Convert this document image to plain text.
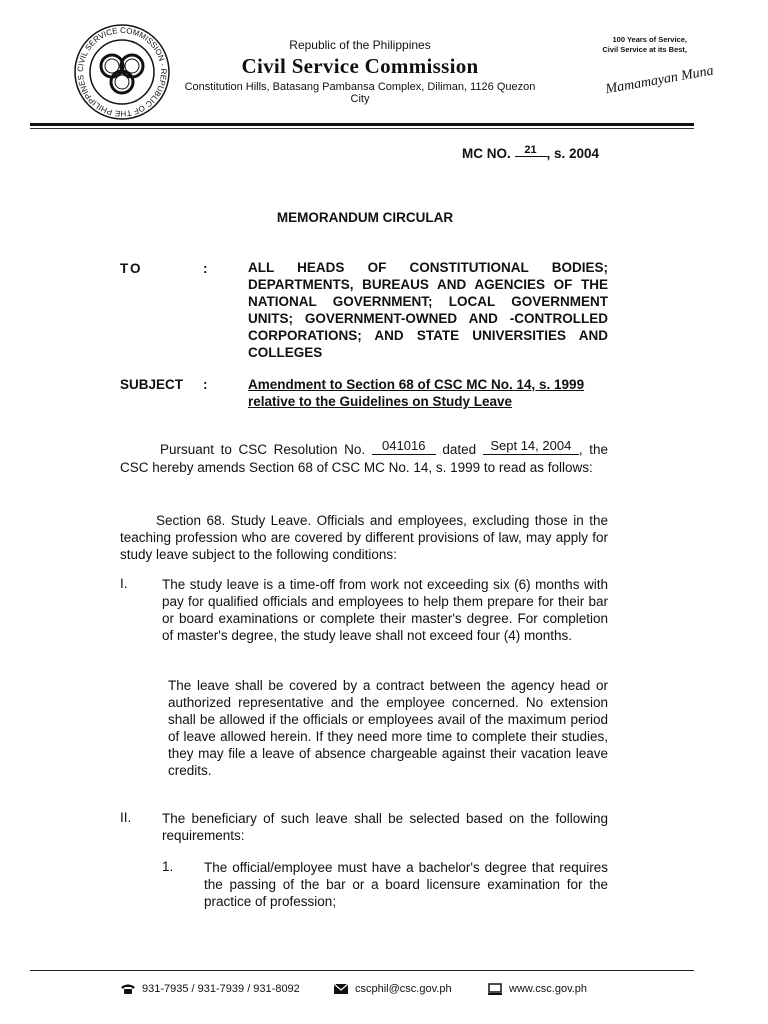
CIVIL SERVICE COMMISSION · REPUBLIC OF THE PHILIPPINES
Republic of the Philippines
Civil Service Commission
Constitution Hills, Batasang Pambansa Complex, Diliman, 1126 Quezon City
100 Years of Service,
Civil Service at its Best,
Mamamayan Muna
MC NO. 21 , s. 2004
MEMORANDUM CIRCULAR
TO	:	ALL HEADS OF CONSTITUTIONAL BODIES; DEPARTMENTS, BUREAUS AND AGENCIES OF THE NATIONAL GOVERNMENT; LOCAL GOVERNMENT UNITS; GOVERNMENT-OWNED AND -CONTROLLED CORPORATIONS; AND STATE UNIVERSITIES AND COLLEGES
SUBJECT :	Amendment to Section 68 of CSC MC No. 14, s. 1999 relative to the Guidelines on Study Leave
Pursuant to CSC Resolution No. 041016 dated Sept 14, 2004 , the CSC hereby amends Section 68 of CSC MC No. 14, s. 1999 to read as follows:
Section 68. Study Leave. Officials and employees, excluding those in the teaching profession who are covered by different provisions of law, may apply for study leave subject to the following conditions:
I.	The study leave is a time-off from work not exceeding six (6) months with pay for qualified officials and employees to help them prepare for their bar or board examinations or complete their master's degree. For completion of master's degree, the study leave shall not exceed four (4) months.
The leave shall be covered by a contract between the agency head or authorized representative and the employee concerned. No extension shall be allowed if the officials or employees avail of the maximum period of leave allowed herein. If they need more time to complete their studies, they may file a leave of absence chargeable against their vacation leave credits.
II. The beneficiary of such leave shall be selected based on the following requirements:
1. The official/employee must have a bachelor's degree that requires the passing of the bar or a board licensure examination for the practice of profession;
931-7935 / 931-7939 / 931-8092	cscphil@csc.gov.ph	www.csc.gov.ph
